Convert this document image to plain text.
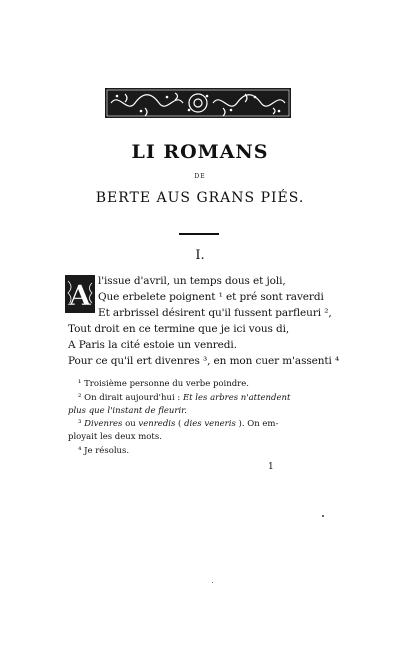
LI ROMANS
DE
BERTE AUS GRANS PIÉS.
I.
A l'issue d'avril, un temps dous et joli,
Que erbelete poignent ¹ et pré sont raverdi
Et arbrissel désirent qu'il fussent parfleuri ²,
Tout droit en ce termine que je ici vous di,
A Paris la cité estoie un venredi.
Pour ce qu'il ert divenres ³, en mon cuer m'assenti ⁴
¹ Troisième personne du verbe poindre.
² On dirait aujourd'hui : Et les arbres n'attendent
plus que l'instant de fleurir.
³ Divenres ou venredis ( dies veneris ). On em-
ployait les deux mots.
⁴ Je résolus.
1
